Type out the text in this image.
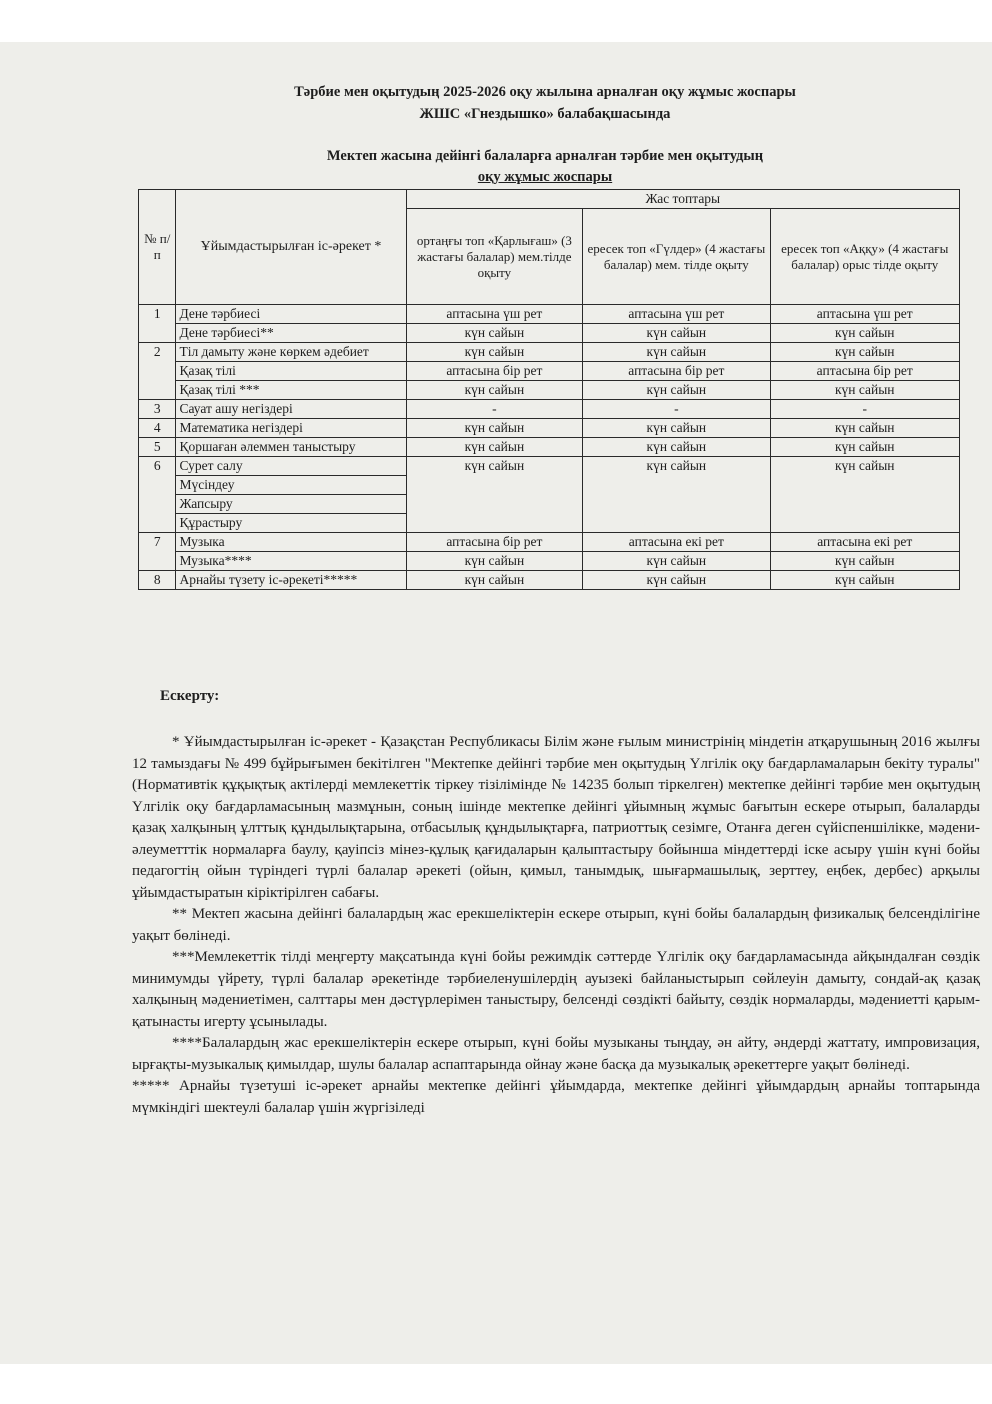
Тәрбие мен оқытудың 2025-2026 оқу жылына арналған оқу жұмыс жоспары
ЖШС «Гнездышко» балабақшасында
Мектеп жасына дейінгі балаларға арналған тәрбие мен оқытудың
оқу жұмыс жоспары
№ п/п	Ұйымдастырылған іс-әрекет *	Жас топтары		
		ортаңғы топ «Қарлығаш» (3 жастағы балалар) мем.тілде оқыту	ересек топ «Гүлдер» (4 жастағы балалар) мем. тілде оқыту	ересек топ «Аққу» (4 жастағы балалар) орыс тілде оқыту
1	Дене тәрбиесі	аптасына үш рет	аптасына үш рет	аптасына үш рет
	Дене тәрбиесі**	күн сайын	күн сайын	күн сайын
2	Тіл дамыту және көркем әдебиет	күн сайын	күн сайын	күн сайын
	Қазақ тілі	аптасына бір рет	аптасына бір рет	аптасына бір рет
	Қазақ тілі ***	күн сайын	күн сайын	күн сайын
3	Сауат ашу негіздері	-	-	-
4	Математика негіздері	күн сайын	күн сайын	күн сайын
5	Қоршаған әлеммен таныстыру	күн сайын	күн сайын	күн сайын
6	Сурет салу	күн сайын	күн сайын	күн сайын
	Мүсіндеу			
	Жапсыру			
	Құрастыру			
7	Музыка	аптасына бір рет	аптасына екі рет	аптасына екі рет
	Музыка****	күн сайын	күн сайын	күн сайын
8	Арнайы түзету іс-әрекеті*****	күн сайын	күн сайын	күн сайын
Ескерту:

* Ұйымдастырылған іс-әрекет - Қазақстан Республикасы Білім және ғылым министрінің міндетін атқарушының 2016 жылғы 12 тамыздағы № 499 бұйрығымен бекітілген "Мектепке дейінгі тәрбие мен оқытудың Үлгілік оқу бағдарламаларын бекіту туралы" (Нормативтік құқықтық актілерді мемлекеттік тіркеу тізілімінде № 14235 болып тіркелген) мектепке дейінгі тәрбие мен оқытудың Үлгілік оқу бағдарламасының мазмұнын, соның ішінде мектепке дейінгі ұйымның жұмыс бағытын ескере отырып, балаларды қазақ халқының ұлттық құндылықтарына, отбасылық құндылықтарға, патриоттық сезімге, Отанға деген сүйіспеншілікке, мәдени-әлеуметттік нормаларға баулу, қауіпсіз мінез-құлық қағидаларын қалыптастыру бойынша міндеттерді іске асыру үшін күні бойы педагогтің ойын түріндегі түрлі балалар әрекеті (ойын, қимыл, танымдық, шығармашылық, зерттеу, еңбек, дербес) арқылы ұйымдастыратын кіріктірілген сабағы.

** Мектеп жасына дейінгі балалардың жас ерекшеліктерін ескере отырып, күні бойы балалардың физикалық белсенділігіне уақыт бөлінеді.

***Мемлекеттік тілді меңгерту мақсатында күні бойы режимдік сәттерде Үлгілік оқу бағдарламасында айқындалған сөздік минимумды үйрету, түрлі балалар әрекетінде тәрбиеленушілердің ауызекі байланыстырып сөйлеуін дамыту, сондай-ақ қазақ халқының мәдениетімен, салттары мен дәстүрлерімен таныстыру, белсенді сөздікті байыту, сөздік нормаларды, мәдениетті қарым-қатынасты игерту ұсынылады.

****Балалардың жас ерекшеліктерін ескере отырып, күні бойы музыканы тыңдау, ән айту, әндерді жаттату, импровизация, ырғақты-музыкалық қимылдар, шулы балалар аспаптарында ойнау және басқа да музыкалық әрекеттерге уақыт бөлінеді.

***** Арнайы түзетуші іс-әрекет арнайы мектепке дейінгі ұйымдарда, мектепке дейінгі ұйымдардың арнайы топтарында мүмкіндігі шектеулі балалар үшін жүргізіледі
